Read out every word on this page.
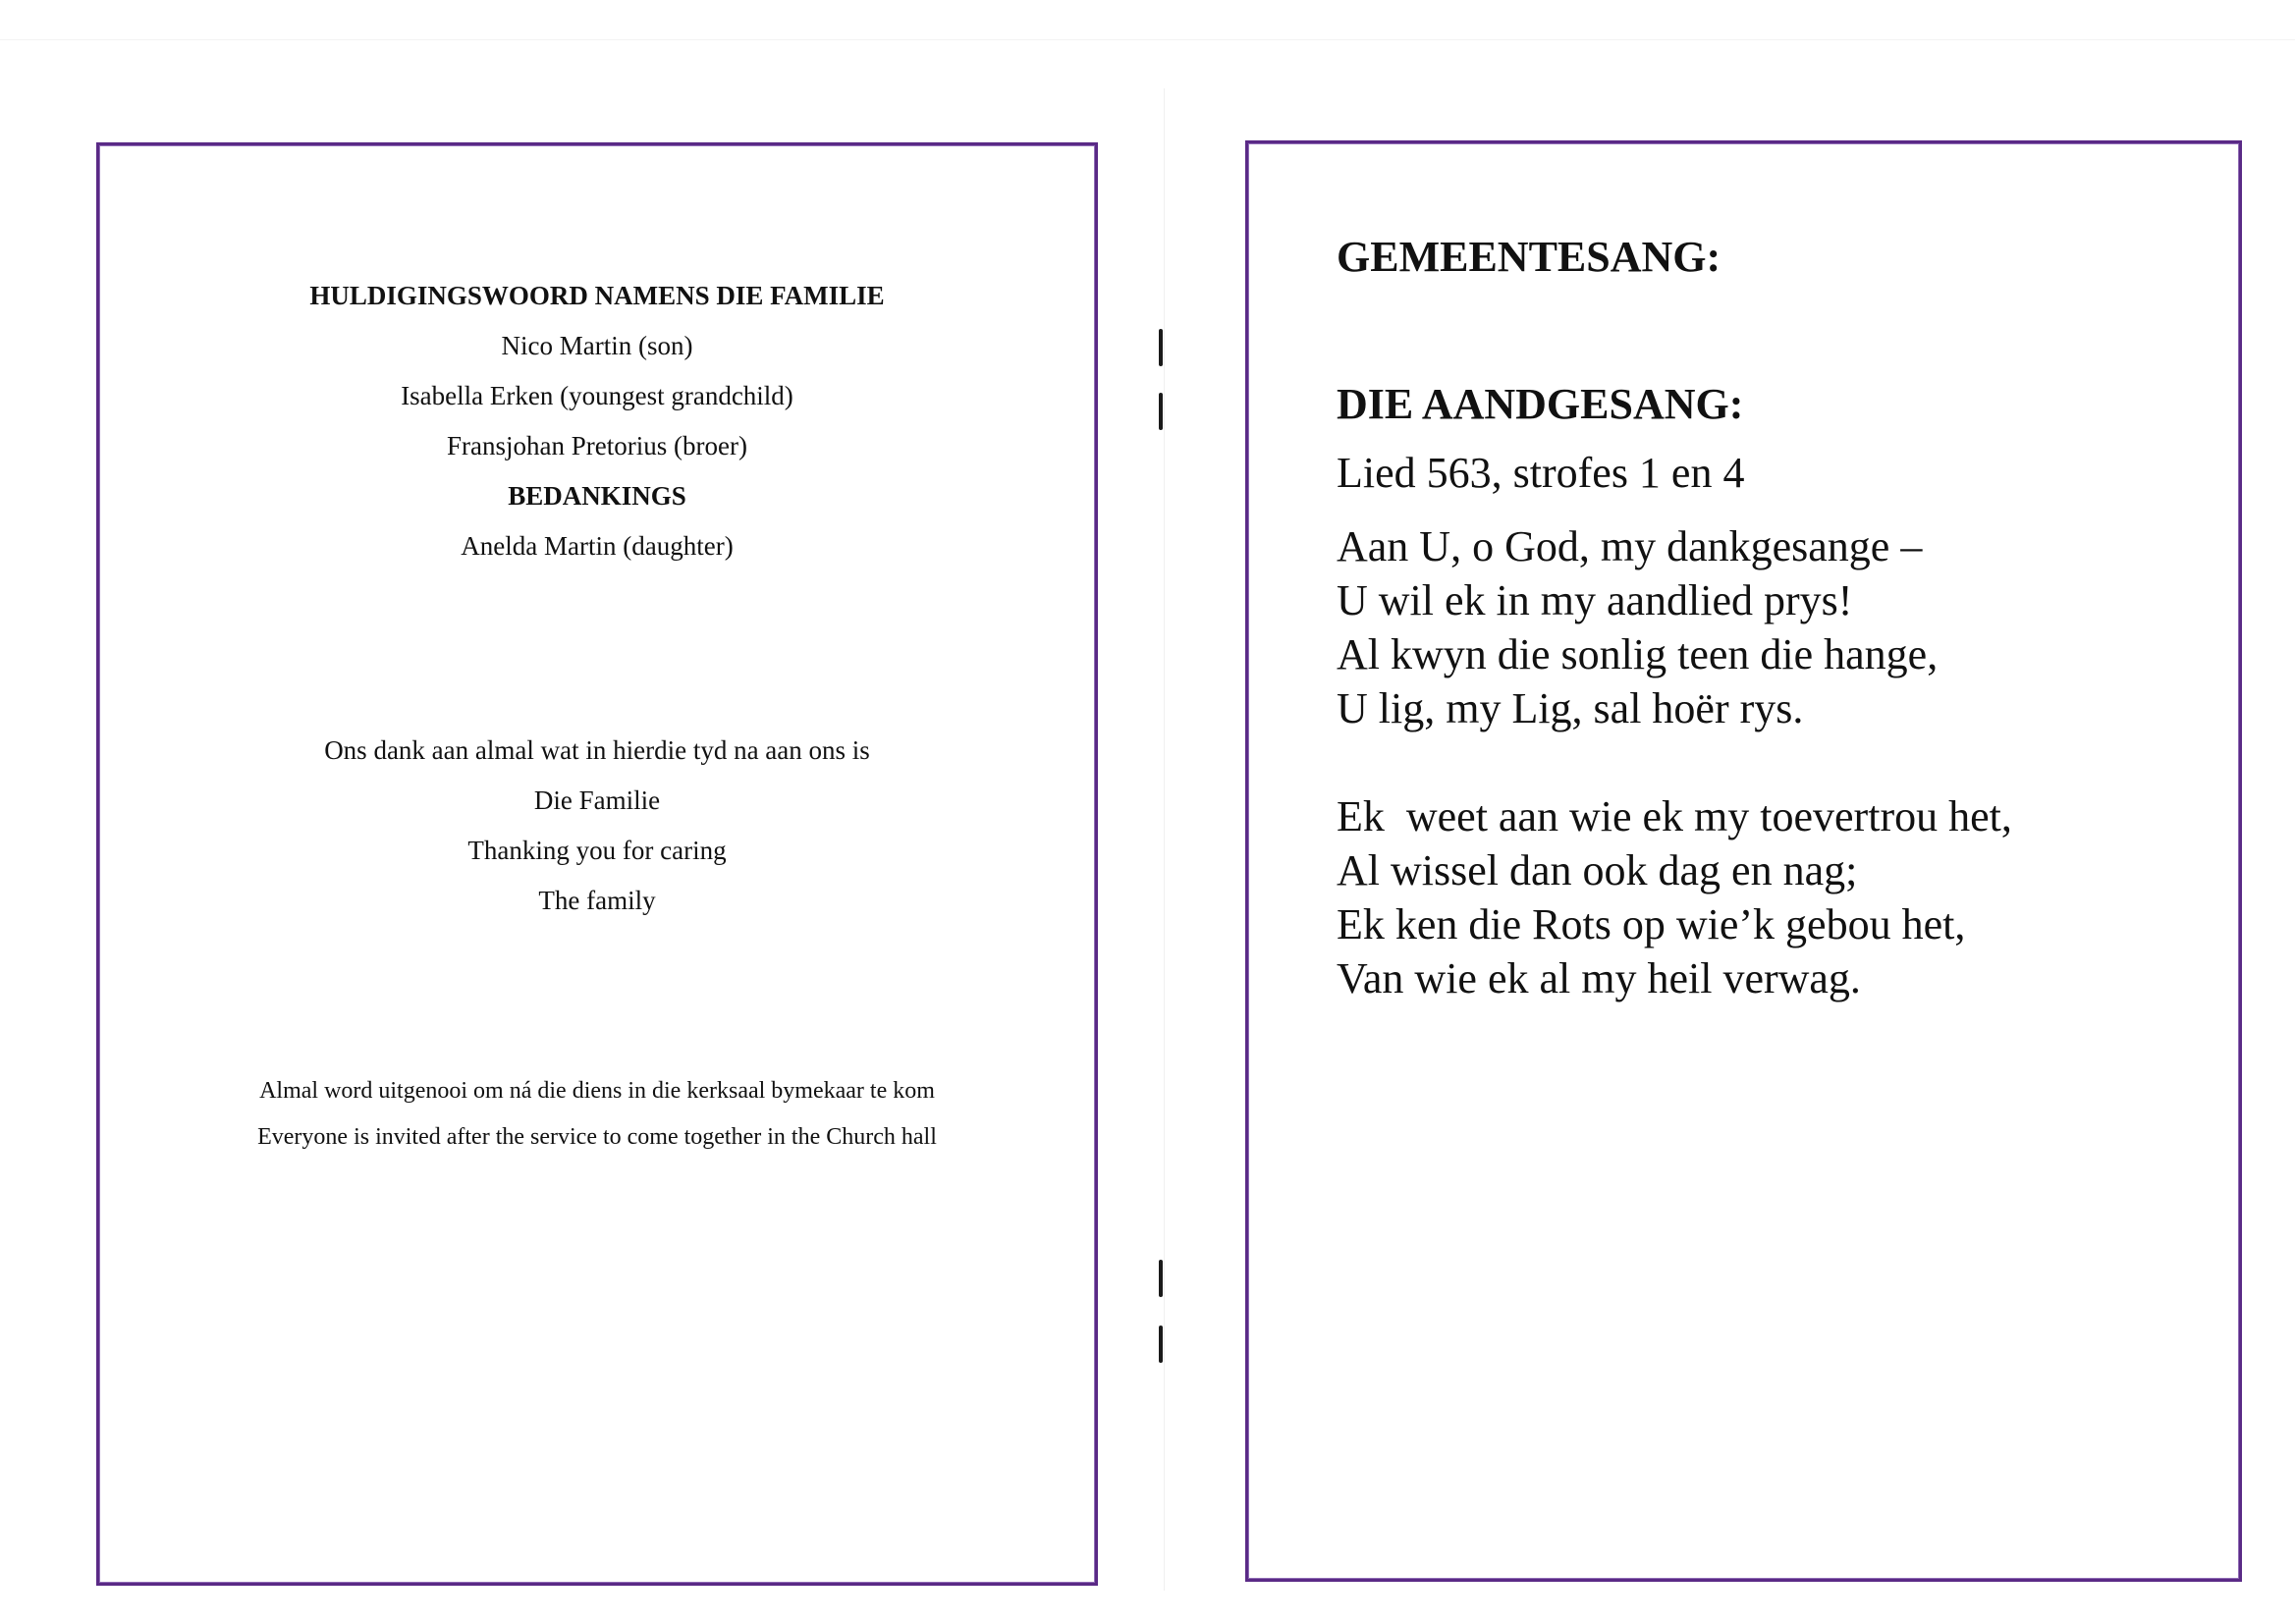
HULDIGINGSWOORD NAMENS DIE FAMILIE

Nico Martin (son)

Isabella Erken (youngest grandchild)

Fransjohan Pretorius (broer)

BEDANKINGS

Anelda Martin (daughter)

Ons dank aan almal wat in hierdie tyd na aan ons is

Die Familie

Thanking you for caring

The family

Almal word uitgenooi om ná die diens in die kerksaal bymekaar te kom

Everyone is invited after the service to come together in the Church hall

GEMEENTESANG:

DIE AANDGESANG:

Lied 563, strofes 1 en 4

Aan U, o God, my dankgesange –

U wil ek in my aandlied prys!

Al kwyn die sonlig teen die hange,

U lig, my Lig, sal hoër rys.

Ek  weet aan wie ek my toevertrou het,

Al wissel dan ook dag en nag;

Ek ken die Rots op wie’k gebou het,

Van wie ek al my heil verwag.
